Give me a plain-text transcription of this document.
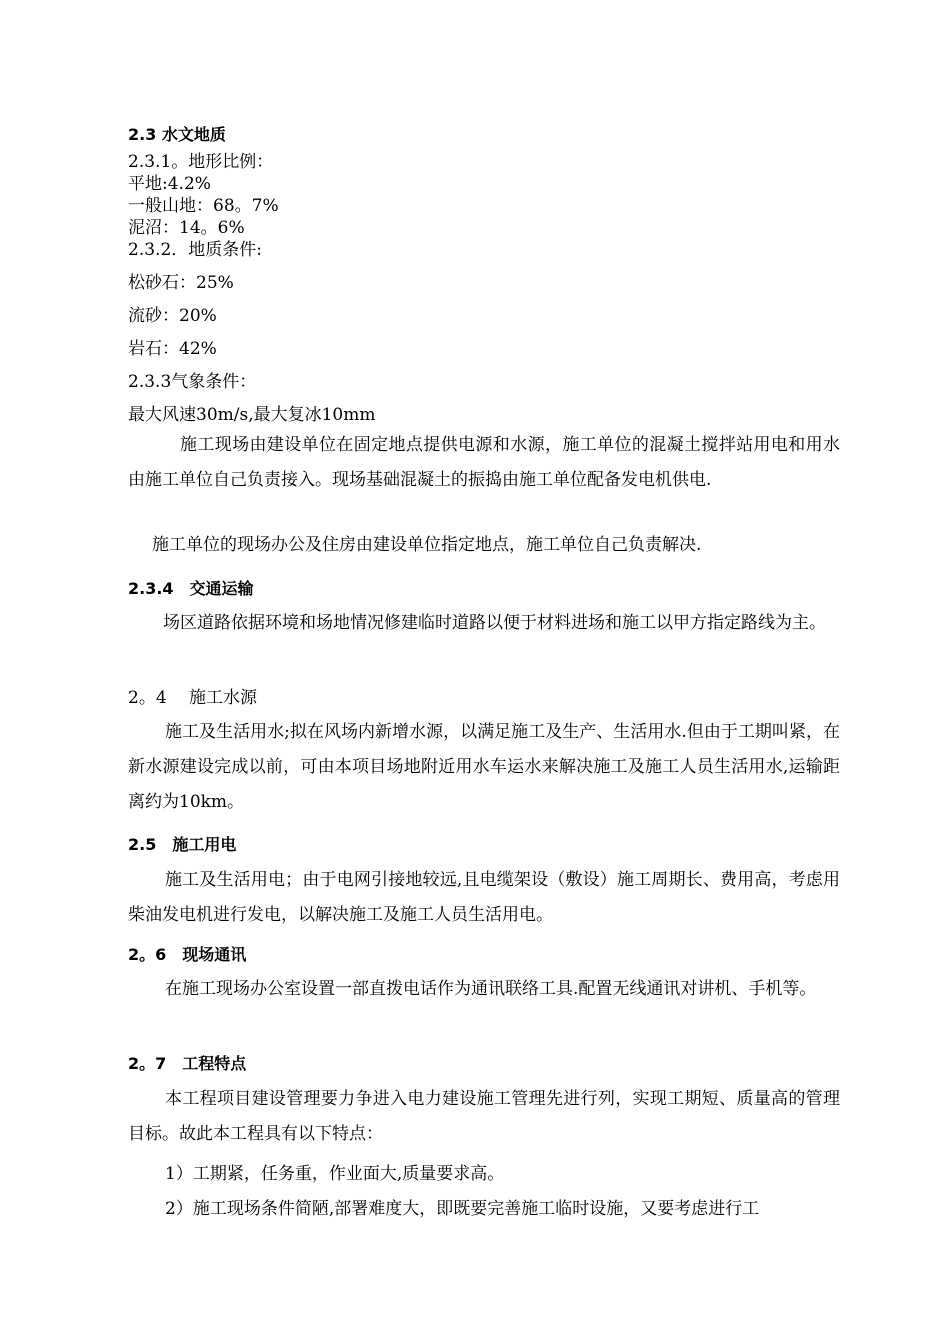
2.3 水文地质
2.3.1。地形比例：
平地:4.2%
一般山地：68。7%
泥沼：14。6%
2.3.2．地质条件:
松砂石：25%
流砂：20%
岩石：42%
2.3.3气象条件：
最大风速30m/s,最大复冰10mm
施工现场由建设单位在固定地点提供电源和水源，施工单位的混凝土搅拌站用电和用水由施工单位自己负责接入。现场基础混凝土的振捣由施工单位配备发电机供电.
施工单位的现场办公及住房由建设单位指定地点，施工单位自己负责解决.
2.3.4　交通运输
场区道路依据环境和场地情况修建临时道路以便于材料进场和施工以甲方指定路线为主。
2。4　 施工水源
施工及生活用水;拟在风场内新增水源，以满足施工及生产、生活用水.但由于工期叫紧，在新水源建设完成以前，可由本项目场地附近用水车运水来解决施工及施工人员生活用水,运输距离约为10km。
2.5　施工用电
施工及生活用电；由于电网引接地较远,且电缆架设（敷设）施工周期长、费用高，考虑用柴油发电机进行发电，以解决施工及施工人员生活用电。
2。6　现场通讯
在施工现场办公室设置一部直拨电话作为通讯联络工具.配置无线通讯对讲机、手机等。
2。7　工程特点
本工程项目建设管理要力争进入电力建设施工管理先进行列，实现工期短、质量高的管理目标。故此本工程具有以下特点：
1）工期紧，任务重，作业面大,质量要求高。
2）施工现场条件简陋,部署难度大，即既要完善施工临时设施，又要考虑进行工
